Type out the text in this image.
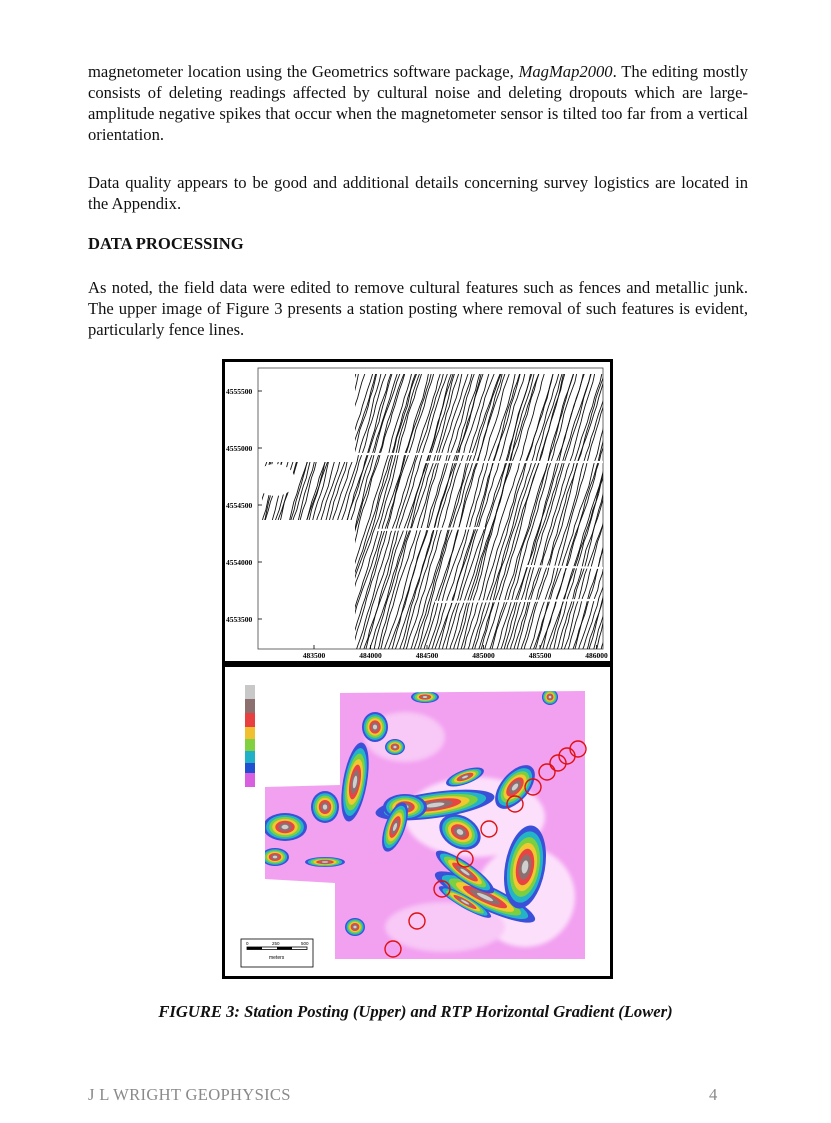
magnetometer location using the Geometrics software package, MagMap2000. The editing mostly consists of deleting readings affected by cultural noise and deleting dropouts which are large-amplitude negative spikes that occur when the magnetometer sensor is tilted too far from a vertical orientation.

Data quality appears to be good and additional details concerning survey logistics are located in the Appendix.

DATA PROCESSING

As noted, the field data were edited to remove cultural features such as fences and metallic junk. The upper image of Figure 3 presents a station posting where removal of such features is evident, particularly fence lines.

4555500
4555000
4554500
4554000
4553500
483500	484000	484500	485000	485500	486000
0	250	500
meters
FIGURE 3: Station Posting (Upper) and RTP Horizontal Gradient (Lower)
J L WRIGHT GEOPHYSICS	4
